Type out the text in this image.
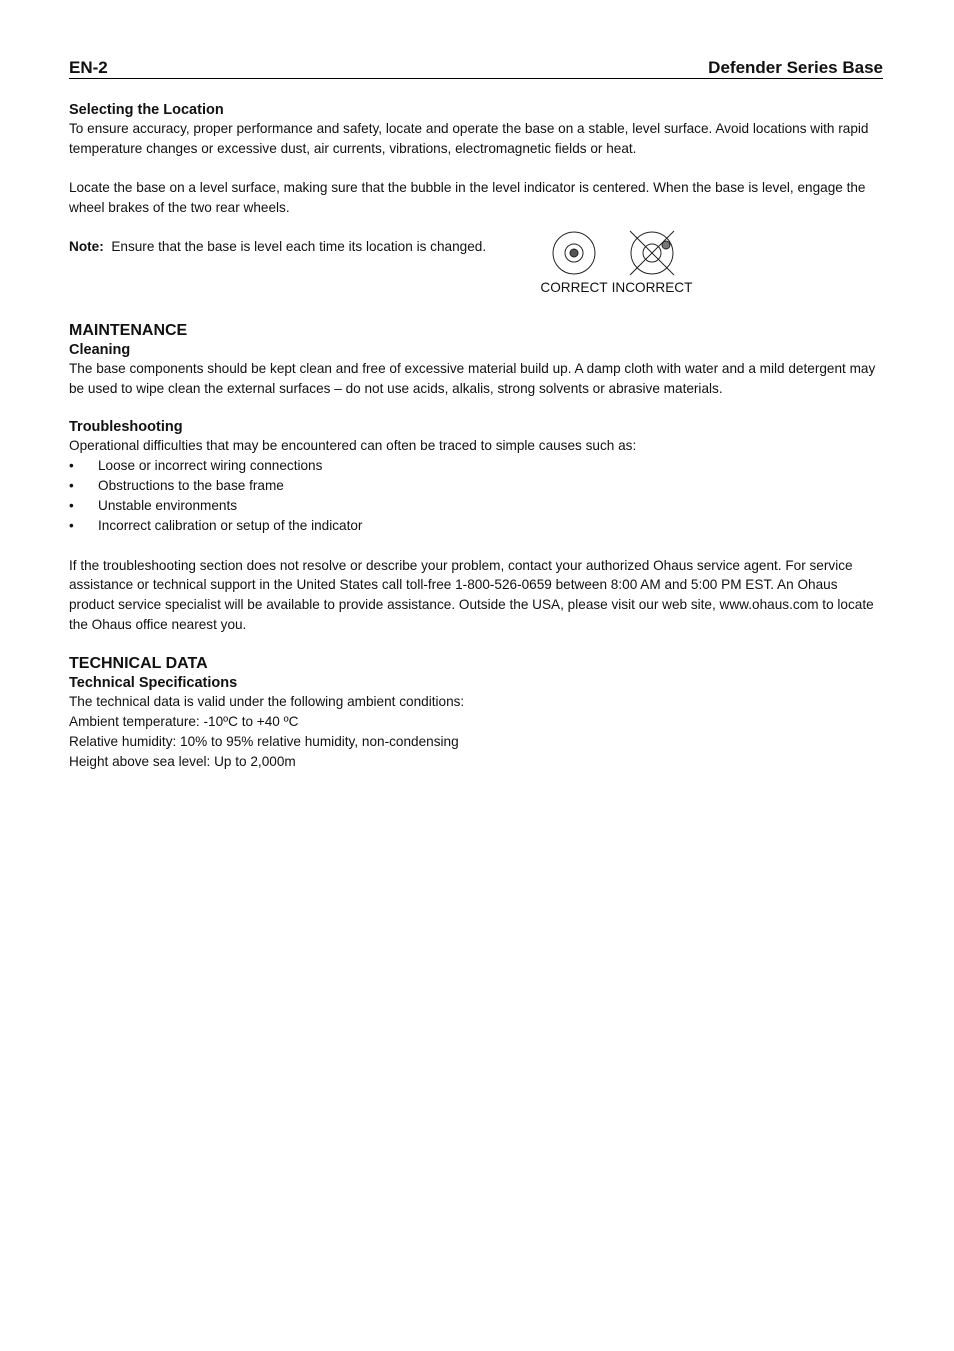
EN-2	Defender Series Base
Selecting the Location

To ensure accuracy, proper performance and safety, locate and operate the base on a stable, level surface. Avoid locations with rapid temperature changes or excessive dust, air currents, vibrations, electromagnetic fields or heat.

Locate the base on a level surface, making sure that the bubble in the level indicator is centered. When the base is level, engage the wheel brakes of the two rear wheels.

Note: Ensure that the base is level each time its location is changed.
CORRECT INCORRECT
MAINTENANCE
Cleaning

The base components should be kept clean and free of excessive material build up. A damp cloth with water and a mild detergent may be used to wipe clean the external surfaces – do not use acids, alkalis, strong solvents or abrasive materials.

Troubleshooting

Operational difficulties that may be encountered can often be traced to simple causes such as:

• Loose or incorrect wiring connections
• Obstructions to the base frame
• Unstable environments
• Incorrect calibration or setup of the indicator

If the troubleshooting section does not resolve or describe your problem, contact your authorized Ohaus service agent. For service assistance or technical support in the United States call toll-free 1-800-526-0659 between 8:00 AM and 5:00 PM EST. An Ohaus product service specialist will be available to provide assistance. Outside the USA, please visit our web site, www.ohaus.com to locate the Ohaus office nearest you.

TECHNICAL DATA
Technical Specifications

The technical data is valid under the following ambient conditions:

Ambient temperature: -10ºC to +40 ºC

Relative humidity: 10% to 95% relative humidity, non-condensing

Height above sea level: Up to 2,000m
